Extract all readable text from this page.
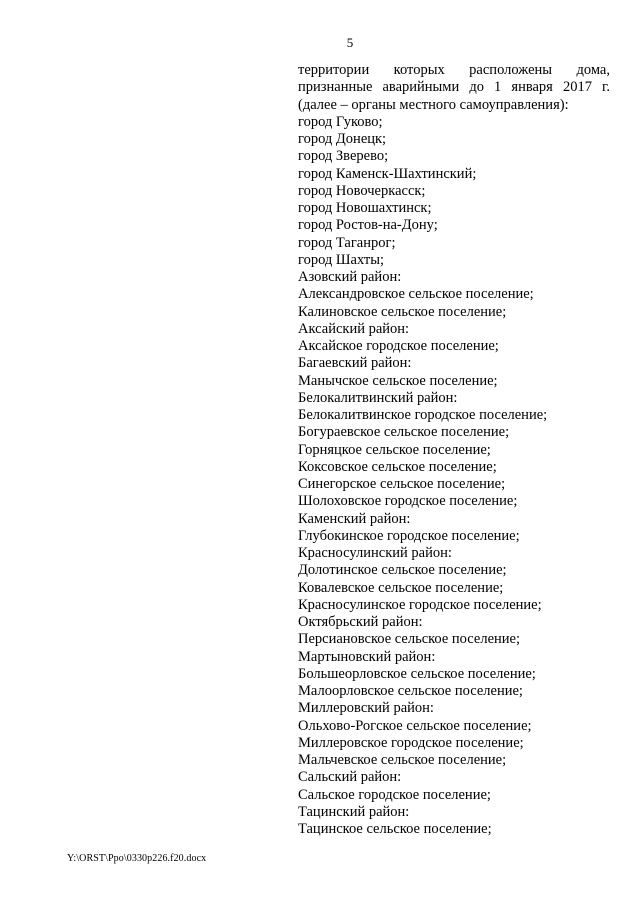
5
территории которых расположены дома,
признанные аварийными до 1 января 2017 г.
(далее – органы местного самоуправления):
город Гуково;
город Донецк;
город Зверево;
город Каменск-Шахтинский;
город Новочеркасск;
город Новошахтинск;
город Ростов-на-Дону;
город Таганрог;
город Шахты;
Азовский район:
Александровское сельское поселение;
Калиновское сельское поселение;
Аксайский район:
Аксайское городское поселение;
Багаевский район:
Манычское сельское поселение;
Белокалитвинский район:
Белокалитвинское городское поселение;
Богураевское сельское поселение;
Горняцкое сельское поселение;
Коксовское сельское поселение;
Синегорское сельское поселение;
Шолоховское городское поселение;
Каменский район:
Глубокинское городское поселение;
Красносулинский район:
Долотинское сельское поселение;
Ковалевское сельское поселение;
Красносулинское городское поселение;
Октябрьский район:
Персиановское сельское поселение;
Мартыновский район:
Большеорловское сельское поселение;
Малоорловское сельское поселение;
Миллеровский район:
Ольховo-Рогское сельское поселение;
Миллеровское городское поселение;
Мальчевское сельское поселение;
Сальский район:
Сальское городское поселение;
Тацинский район:
Тацинское сельское поселение;
Y:\ORST\Ppo\0330p226.f20.docx
